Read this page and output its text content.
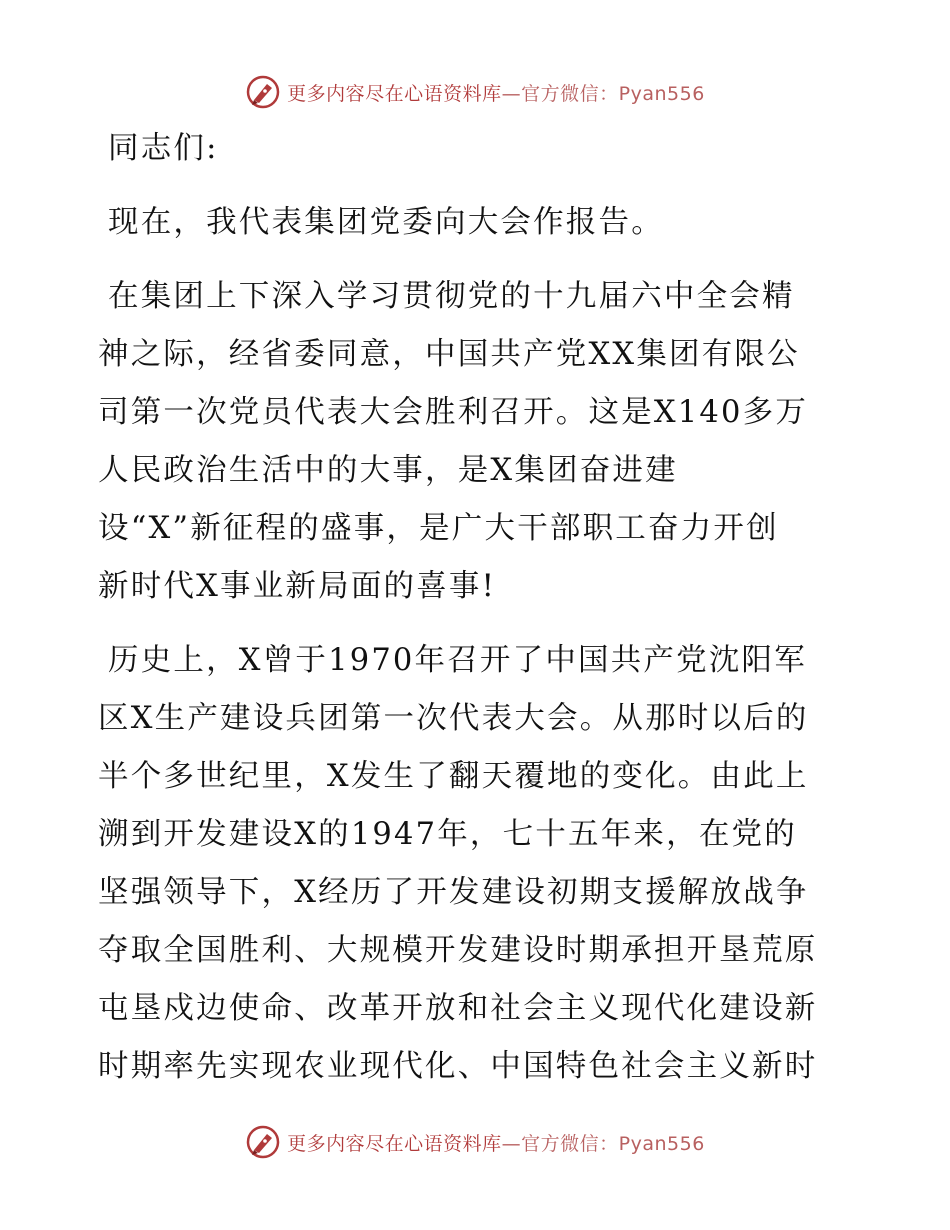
更多内容尽在心语资料库—官方微信：Pyan556

同志们:

现在，我代表集团党委向大会作报告。

在集团上下深入学习贯彻党的十九届六中全会精
神之际，经省委同意，中国共产党XX集团有限公
司第一次党员代表大会胜利召开。这是X140多万
人民政治生活中的大事，是X集团奋进建
设“X”新征程的盛事，是广大干部职工奋力开创
新时代X事业新局面的喜事!
历史上，X曾于1970年召开了中国共产党沈阳军
区X生产建设兵团第一次代表大会。从那时以后的
半个多世纪里，X发生了翻天覆地的变化。由此上
溯到开发建设X的1947年，七十五年来，在党的
坚强领导下，X经历了开发建设初期支援解放战争
夺取全国胜利、大规模开发建设时期承担开垦荒原
屯垦戍边使命、改革开放和社会主义现代化建设新
时期率先实现农业现代化、中国特色社会主义新时
更多内容尽在心语资料库—官方微信：Pyan556
